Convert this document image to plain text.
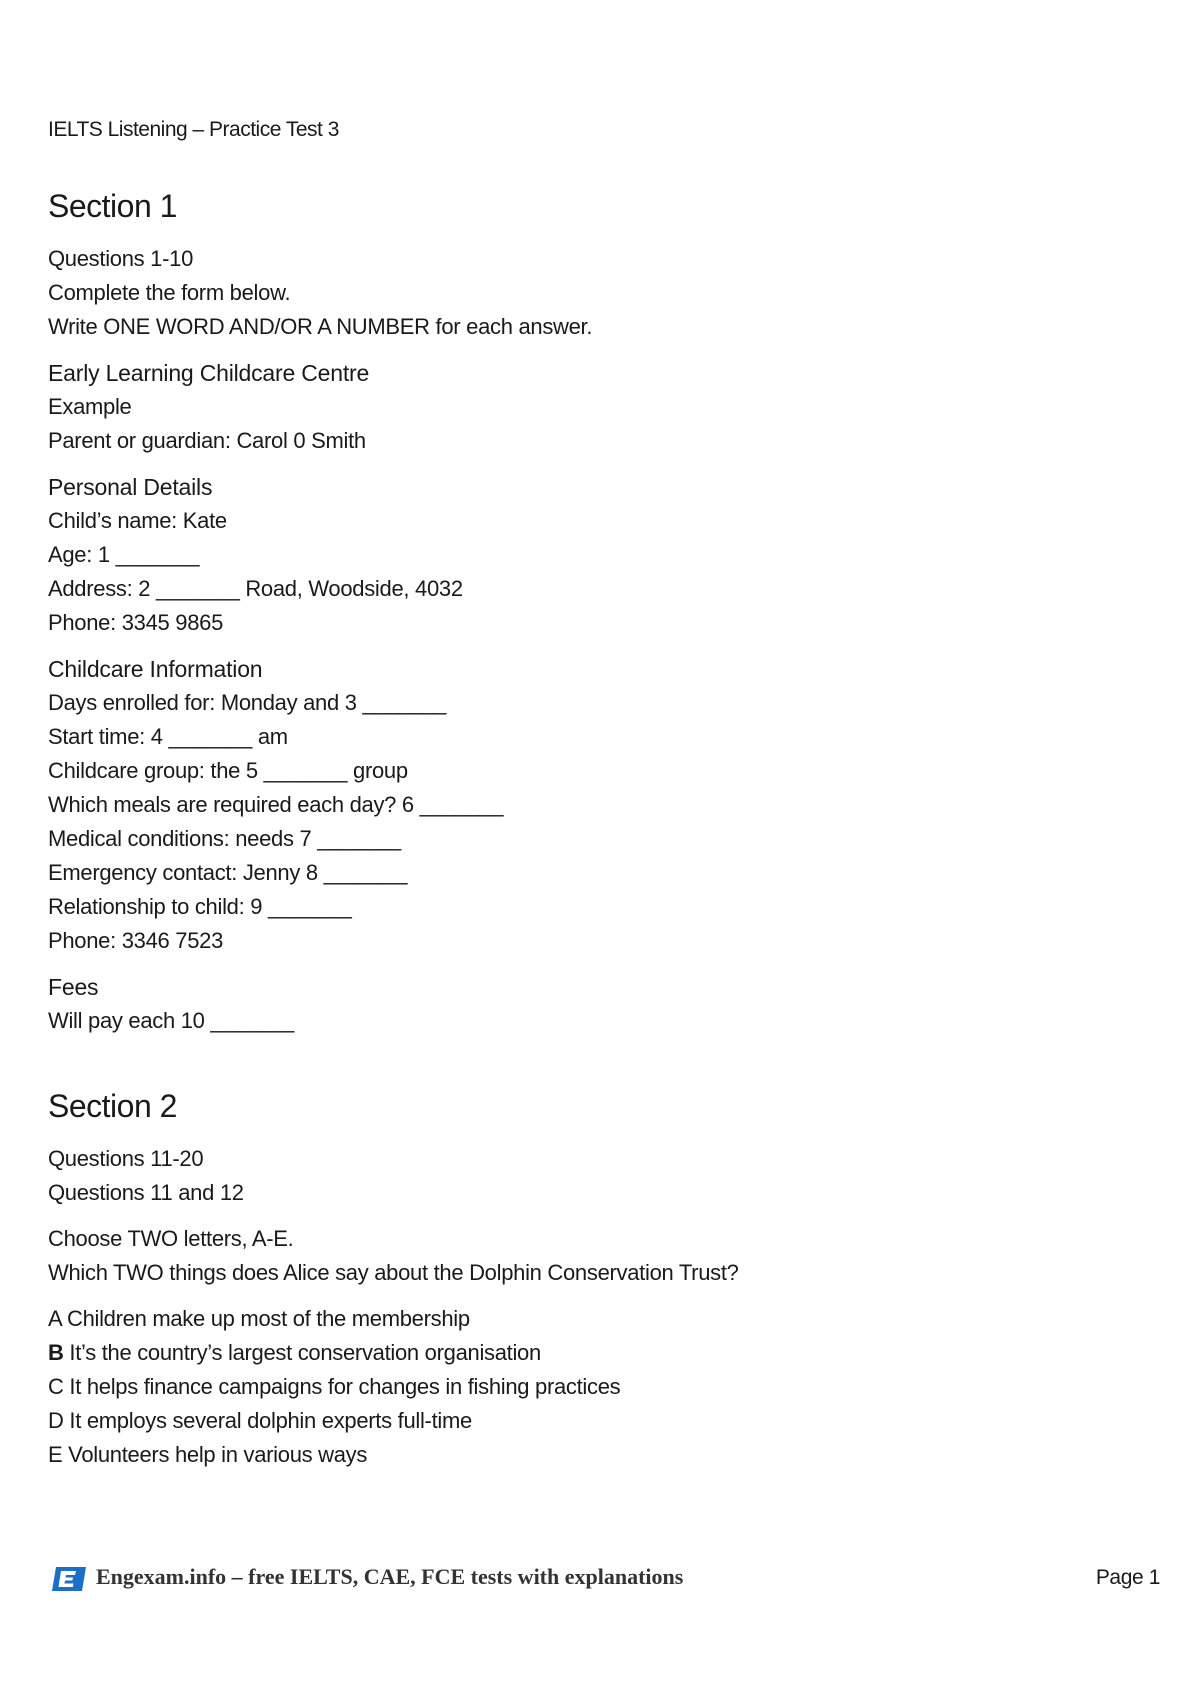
IELTS Listening – Practice Test 3
Section 1
Questions 1-10
Complete the form below.
Write ONE WORD AND/OR A NUMBER for each answer.
Early Learning Childcare Centre
Example
Parent or guardian: Carol 0 Smith
Personal Details
Child’s name: Kate
Age: 1 _______
Address: 2 _______ Road, Woodside, 4032
Phone: 3345 9865
Childcare Information
Days enrolled for: Monday and 3 _______
Start time: 4 _______ am
Childcare group: the 5 _______ group
Which meals are required each day? 6 _______
Medical conditions: needs 7 _______
Emergency contact: Jenny 8 _______
Relationship to child: 9 _______
Phone: 3346 7523
Fees
Will pay each 10 _______
Section 2
Questions 11-20
Questions 11 and 12
Choose TWO letters, A-E.
Which TWO things does Alice say about the Dolphin Conservation Trust?
A Children make up most of the membership
B It’s the country’s largest conservation organisation
C It helps finance campaigns for changes in fishing practices
D It employs several dolphin experts full-time
E Volunteers help in various ways
Engexam.info – free IELTS, CAE, FCE tests with explanations	Page 1
